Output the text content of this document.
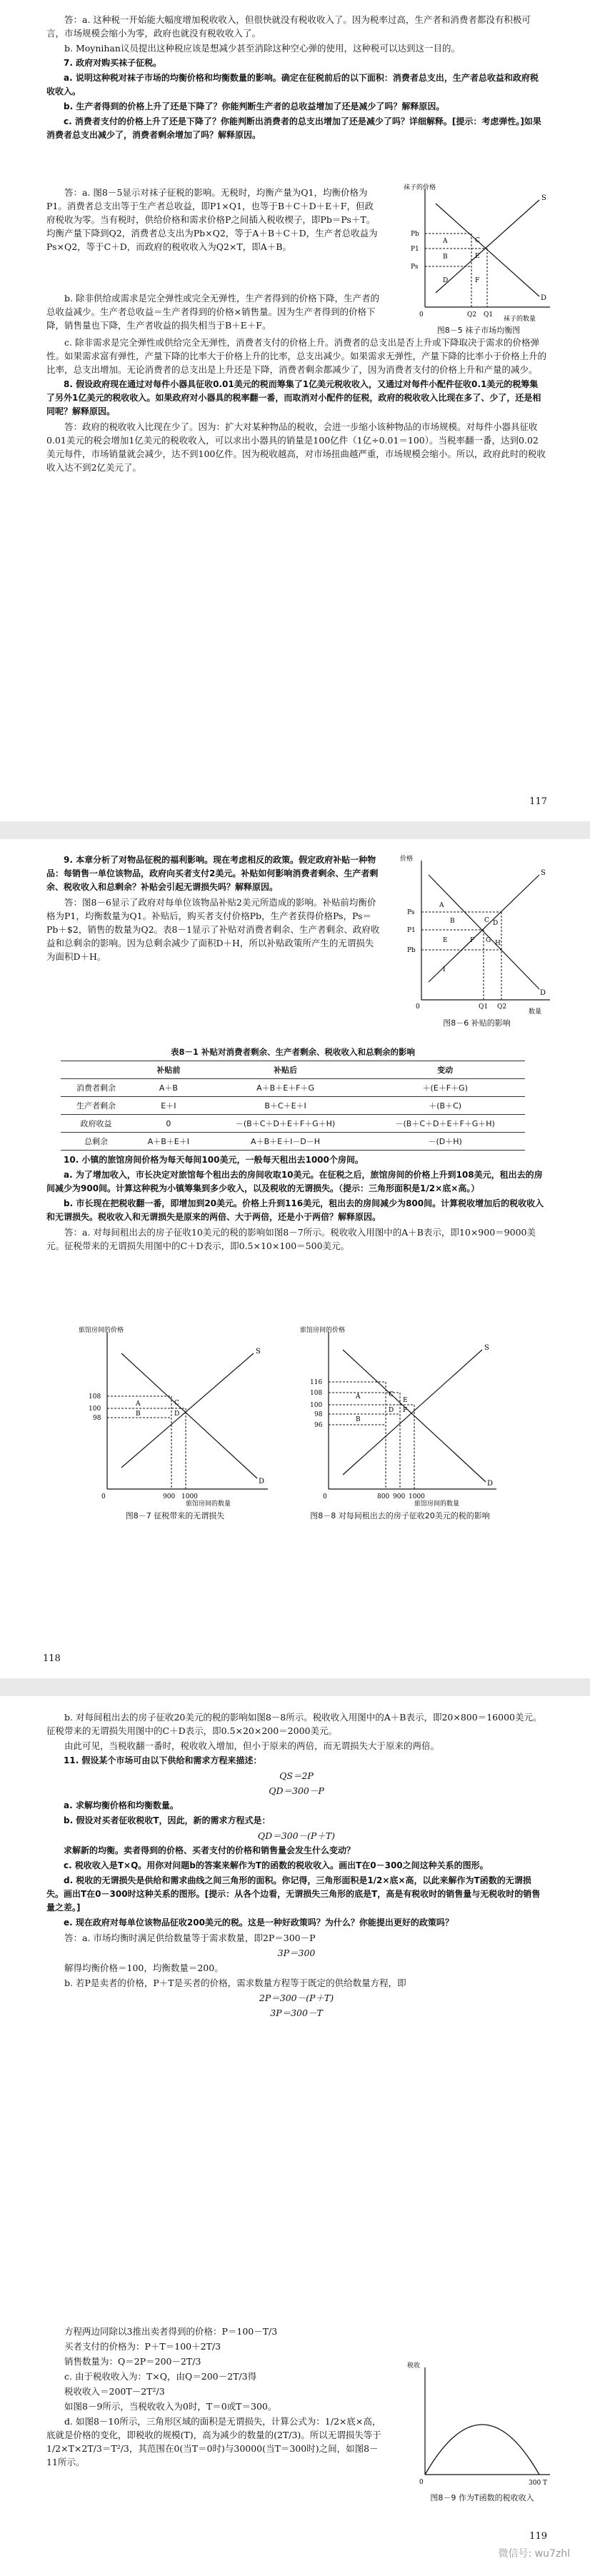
答：a. 这种税一开始能大幅度增加税收收入，但很快就没有税收收入了。因为税率过高，生产者和消费者都没有积极可言，市场规模会缩小为零，政府也就没有税收收入了。

b. Moynihan议员提出这种税应该是想减少甚至消除这种空心弹的使用，这种税可以达到这一目的。

7. 政府对购买袜子征税。

a. 说明这种税对袜子市场的均衡价格和均衡数量的影响。确定在征税前后的以下面积：消费者总支出，生产者总收益和政府税收收入。

b. 生产者得到的价格上升了还是下降了？你能判断生产者的总收益增加了还是减少了吗？解释原因。

c. 消费者支付的价格上升了还是下降了？你能判断出消费者的总支出增加了还是减少了吗？详细解释。[提示：考虑弹性。]如果消费者总支出减少了，消费者剩余增加了吗？解释原因。

答：a. 图8－5显示对袜子征税的影响。无税时，均衡产量为Q1，均衡价格为P1。消费者总支出等于生产者总收益，即P1×Q1，也等于B＋C＋D＋E＋F，但政府税收为零。当有税时，供给价格和需求价格P之间插入税收楔子，即Pb＝Ps＋T。均衡产量下降到Q2，消费者总支出为Pb×Q2，等于A＋B＋C＋D，生产者总收益为Ps×Q2，等于C＋D，而政府的税收收入为Q2×T，即A＋B。

b. 除非供给或需求是完全弹性或完全无弹性，生产者得到的价格下降，生产者的总收益减少。生产者总收益＝生产者得到的价格×销售量。因为生产者得到的价格下降，销售量也下降，生产者收益的损失相当于B＋E＋F。

c. 除非需求是完全弹性或供给完全无弹性，消费者支付的价格上升。消费者的总支出是否上升或下降取决于需求的价格弹性。如果需求富有弹性，产量下降的比率大于价格上升的比率，总支出减少。如果需求无弹性，产量下降的比率小于价格上升的比率，总支出增加。无论消费者的总支出是上升还是下降，消费者剩余都减少了，因为消费者支付的价格上升和产量的减少。

8. 假设政府现在通过对每件小器具征收0.01美元的税而筹集了1亿美元税收收入，又通过对每件小配件征收0.1美元的税筹集了另外1亿美元的税收收入。如果政府对小器具的税率翻一番，而取消对小配件的征税，政府的税收收入比现在多了、少了，还是相同呢？解释原因。

答：政府的税收收入比现在少了。因为：扩大对某种物品的税收，会进一步缩小该种物品的市场规模。对每件小器具征收0.01美元的税会增加1亿美元的税收收入，可以求出小器具的销量是100亿件（1亿÷0.01＝100）。当税率翻一番，达到0.02美元每件，市场销量就会减少，达不到100亿件。因为税收越高，对市场扭曲越严重，市场规模会缩小。所以，政府此时的税收收入达不到2亿美元了。

S
D
A
B
C
D
E
F
Pb
P1
Ps
Q2 Q1
0
袜子的价格
袜子的数量
图8－5 袜子市场均衡图
117

9. 本章分析了对物品征税的福利影响。现在考虑相反的政策。假定政府补贴一种物品：每销售一单位该物品，政府向买者支付2美元。补贴如何影响消费者剩余、生产者剩余、税收收入和总剩余？补贴会引起无谓损失吗？解释原因。

答：图8－6显示了政府对每单位该物品补贴2美元所造成的影响。补贴前均衡价格为P1，均衡数量为Q1。补贴后，购买者支付价格Pb，生产者获得价格Ps，Ps＝Pb＋$2，销售的数量为Q2。表8－1显示了补贴对消费者剩余、生产者剩余、政府收益和总剩余的影响。因为总剩余减少了面积D＋H，所以补贴政策所产生的无谓损失为面积D＋H。

S
D
A
B	C D
E	F G H
I
Ps
P1
Pb
Q1 Q2
0
价格
数量
图8－6 补贴的影响
表8－1 补贴对消费者剩余、生产者剩余、税收收入和总剩余的影响
	补贴前	补贴后	变动
消费者剩余	A＋B	A＋B＋E＋F＋G	＋(E＋F＋G)
生产者剩余	E＋I	B＋C＋E＋I	＋(B＋C)
政府收益	0	－(B＋C＋D＋E＋F＋G＋H)	－(B＋C＋D＋E＋F＋G＋H)
总剩余	A＋B＋E＋I	A＋B＋E＋I－D－H	－(D＋H)

10. 小镇的旅馆房间价格为每天每间100美元，一般每天租出去1000个房间。

a. 为了增加收入，市长决定对旅馆每个租出去的房间收取10美元。在征税之后，旅馆房间的价格上升到108美元，租出去的房间减少为900间。计算这种税为小镇筹集到多少收入，以及税收的无谓损失。（提示：三角形面积是1/2×底×高。）

b. 市长现在把税收翻一番，即增加到20美元。价格上升到116美元，租出去的房间减少为800间。计算税收增加后的税收收入和无谓损失。税收收入和无谓损失是原来的两倍、大于两倍，还是小于两倍？解释原因。

答：a. 对每间租出去的房子征收10美元的税的影响如图8－7所示。税收收入用图中的A＋B表示，即10×900＝9000美元。征税带来的无谓损失用图中的C＋D表示，即0.5×10×100＝500美元。

S
D
A
B
C
D
108
100
98
900 1000
0
旅馆房间的价格
旅馆房间的数量
图8－7 征税带来的无谓损失
S
D
A
B
C
D
E
F
116
108
100
98
96
800 900 1000
0
旅馆房间的价格
旅馆房间的数量
图8－8 对每间租出去的房子征收20美元的税的影响
118

b. 对每间租出去的房子征收20美元的税的影响如图8－8所示。税收收入用图中的A＋B表示，即20×800＝16000美元。征税带来的无谓损失用图中的C＋D表示，即0.5×20×200＝2000美元。

由此可见，当税收翻一番时，税收收入增加，但小于原来的两倍，而无谓损失大于原来的两倍。

11. 假设某个市场可由以下供给和需求方程来描述：

QS＝2P

QD＝300－P

a. 求解均衡价格和均衡数量。

b. 假设对买者征收税收T，因此，新的需求方程式是：

QD＝300－(P＋T)

求解新的均衡。卖者得到的价格、买者支付的价格和销售量会发生什么变动？

c. 税收收入是T×Q。用你对问题b的答案来解作为T的函数的税收收入。画出T在0－300之间这种关系的图形。

d. 税收的无谓损失是供给和需求曲线之间三角形的面积。你记得，三角形面积是1/2×底×高，以此来解作为T函数的无谓损失。画出T在0－300时这种关系的图形。[提示：从各个边看，无谓损失三角形的底是T，高是有税收时的销售量与无税收时的销售量之差。]

e. 现在政府对每单位该物品征收200美元的税。这是一种好政策吗？为什么？你能提出更好的政策吗？

答：a. 市场均衡时满足供给数量等于需求数量，即2P＝300－P

3P＝300

解得均衡价格＝100，均衡数量＝200。

b. 若P是卖者的价格，P＋T是买者的价格，需求数量方程等于既定的供给数量方程，即

2P＝300－(P＋T)

3P＝300－T

方程两边同除以3推出卖者得到的价格：P＝100－T/3

买者支付的价格为：P＋T＝100＋2T/3

销售数量为：Q＝2P＝200－2T/3

c. 由于税收收入为：T×Q，由Q＝200－2T/3得

税收收入＝200T－2T²/3

如图8－9所示，当税收收入为0时，T＝0或T＝300。

d. 如图8－10所示，三角形区域的面积是无谓损失，计算公式为：1/2×底×高，底就是价格的变化，即税收的规模(T)，高为减少的数量的(2T/3)。所以无谓损失等于1/2×T×2T/3＝T²/3，其范围在0(当T＝0时)与30000(当T＝300时)之间，如图8－11所示。

税收
300 T
0
图8－9 作为T函数的税收收入
微信号: wu7zhl
119
